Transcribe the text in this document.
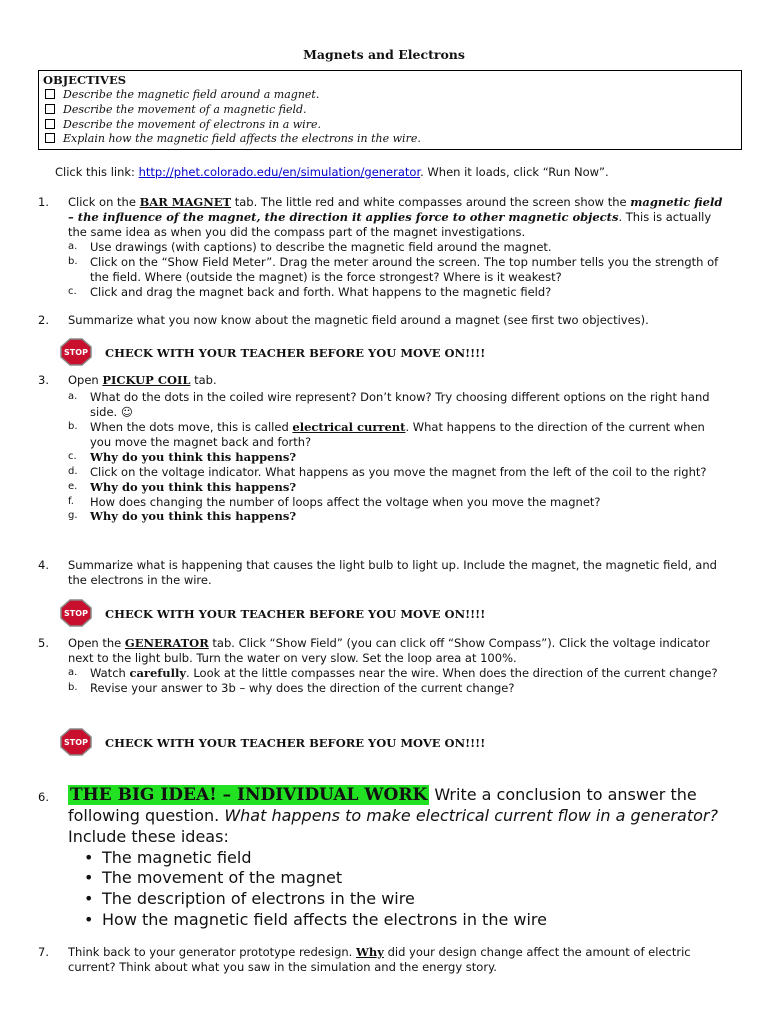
Magnets and Electrons
OBJECTIVES
Describe the magnetic field around a magnet.
Describe the movement of a magnetic field.
Describe the movement of electrons in a wire.
Explain how the magnetic field affects the electrons in the wire.
Click this link: http://phet.colorado.edu/en/simulation/generator. When it loads, click “Run Now”.
1. Click on the BAR MAGNET tab. The little red and white compasses around the screen show the magnetic field – the influence of the magnet, the direction it applies force to other magnetic objects. This is actually the same idea as when you did the compass part of the magnet investigations.
a. Use drawings (with captions) to describe the magnetic field around the magnet.
b. Click on the “Show Field Meter”. Drag the meter around the screen. The top number tells you the strength of the field. Where (outside the magnet) is the force strongest? Where is it weakest?
c. Click and drag the magnet back and forth. What happens to the magnetic field?
2. Summarize what you now know about the magnetic field around a magnet (see first two objectives).
STOP CHECK WITH YOUR TEACHER BEFORE YOU MOVE ON!!!!
3. Open PICKUP COIL tab.
a. What do the dots in the coiled wire represent? Don’t know? Try choosing different options on the right hand side. ☺
b. When the dots move, this is called electrical current. What happens to the direction of the current when you move the magnet back and forth?
c. Why do you think this happens?
d. Click on the voltage indicator. What happens as you move the magnet from the left of the coil to the right?
e. Why do you think this happens?
f. How does changing the number of loops affect the voltage when you move the magnet?
g. Why do you think this happens?
4. Summarize what is happening that causes the light bulb to light up. Include the magnet, the magnetic field, and the electrons in the wire.
STOP CHECK WITH YOUR TEACHER BEFORE YOU MOVE ON!!!!
5. Open the GENERATOR tab. Click “Show Field” (you can click off “Show Compass”). Click the voltage indicator next to the light bulb. Turn the water on very slow. Set the loop area at 100%.
a. Watch carefully. Look at the little compasses near the wire. When does the direction of the current change?
b. Revise your answer to 3b – why does the direction of the current change?
STOP CHECK WITH YOUR TEACHER BEFORE YOU MOVE ON!!!!
6. THE BIG IDEA! – INDIVIDUAL WORK Write a conclusion to answer the following question. What happens to make electrical current flow in a generator? Include these ideas:
• The magnetic field
• The movement of the magnet
• The description of electrons in the wire
• How the magnetic field affects the electrons in the wire
7. Think back to your generator prototype redesign. Why did your design change affect the amount of electric current? Think about what you saw in the simulation and the energy story.
